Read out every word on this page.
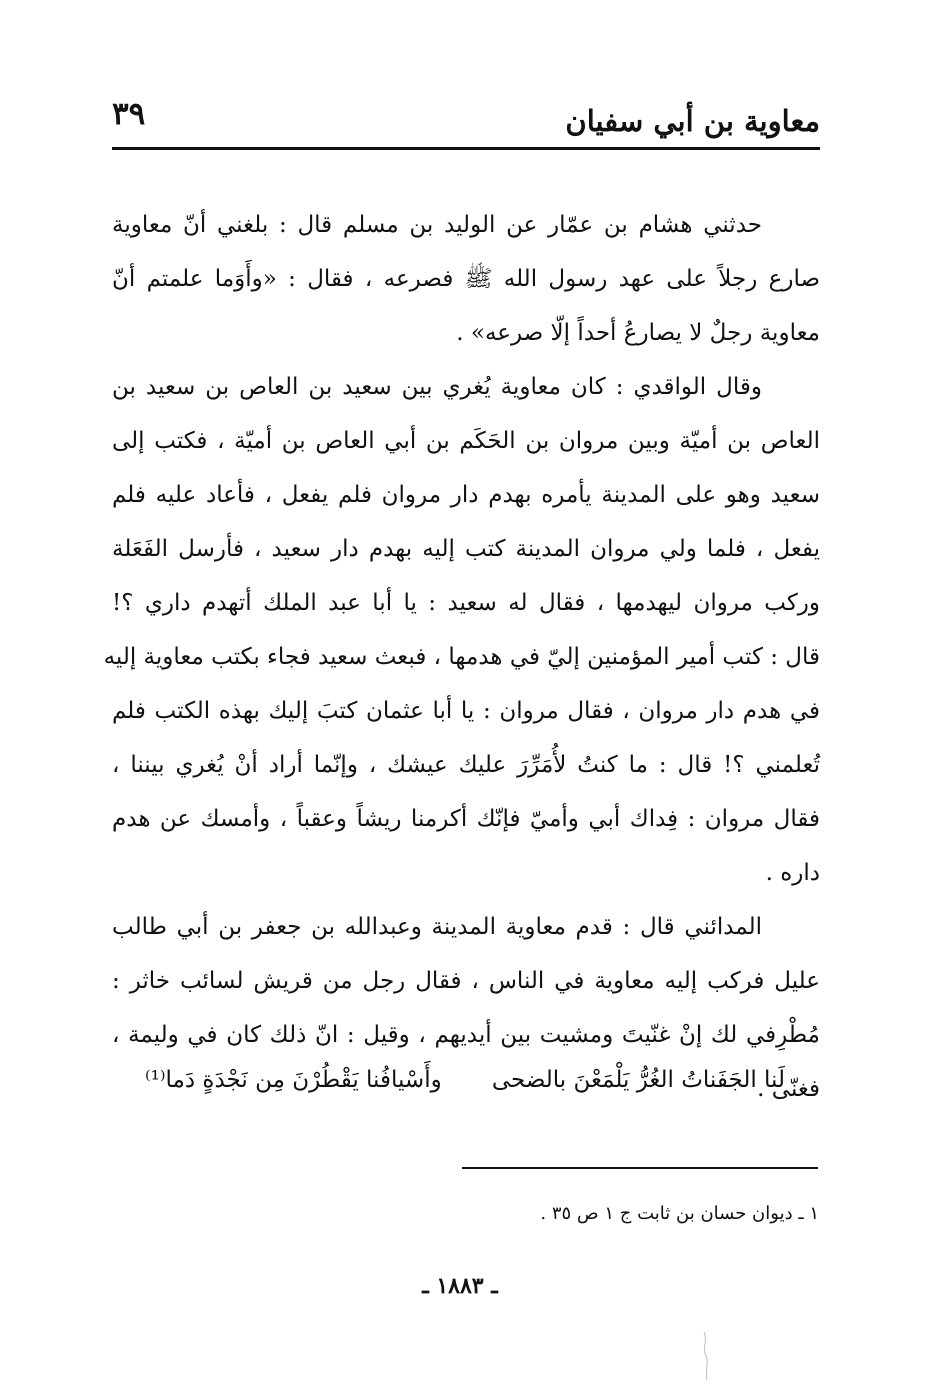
معاوية بن أبي سفيان
٣٩
حدثني هشام بن عمّار عن الوليد بن مسلم قال : بلغني أنّ معاوية
صارع رجلاً على عهد رسول الله ﷺ فصرعه ، فقال : «وأَوَما علمتم أنّ
معاوية رجلٌ لا يصارعُ أحداً إلّا صرعه» .
وقال الواقدي : كان معاوية يُغري بين سعيد بن العاص بن سعيد بن
العاص بن أميّة وبين مروان بن الحَكَم بن أبي العاص بن أميّة ، فكتب إلى
سعيد وهو على المدينة يأمره بهدم دار مروان فلم يفعل ، فأعاد عليه فلم
يفعل ، فلما ولي مروان المدينة كتب إليه بهدم دار سعيد ، فأرسل الفَعَلة
وركب مروان ليهدمها ، فقال له سعيد : يا أبا عبد الملك أتهدم داري ؟!
قال : كتب أمير المؤمنين إليّ في هدمها ، فبعث سعيد فجاء بكتب معاوية إليه
في هدم دار مروان ، فقال مروان : يا أبا عثمان كتبَ إليك بهذه الكتب فلم
تُعلمني ؟! قال : ما كنتُ لأُمَرِّرَ عليك عيشك ، وإنّما أراد أنْ يُغري بيننا ،
فقال مروان : فِداك أبي وأميّ فإنّك أكرمنا ريشاً وعقباً ، وأمسك عن هدم
داره .
المدائني قال : قدم معاوية المدينة وعبدالله بن جعفر بن أبي طالب
عليل فركب إليه معاوية في الناس ، فقال رجل من قريش لسائب خاثر :
مُطْرِفي لك إنْ غنّيتَ ومشيت بين أيديهم ، وقيل : انّ ذلك كان في وليمة ،
فغنّى .
لَنا الجَفَناتُ الغُرُّ يَلْمَعْنَ بالضحى
وأَسْيافُنا يَقْطُرْنَ مِن نَجْدَةٍ دَما⁽¹⁾
١ ـ ديوان حسان بن ثابت ج ١ ص ٣٥ .
ـ ١٨٨٣ ـ
